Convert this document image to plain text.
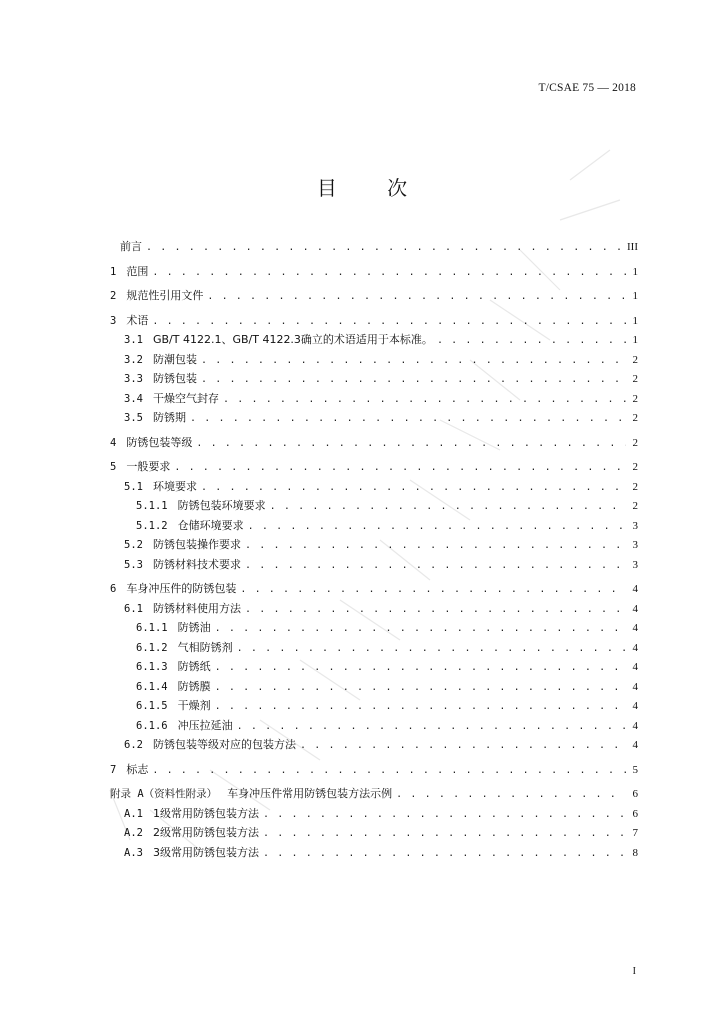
T/CSAE 75 — 2018
目 次
前言 . . .	III
1 范围 . . .	1
2 规范性引用文件 . . .	1
3 术语 . . .	1
3.1 GB/T 4122.1、GB/T 4122.3确立的术语适用于本标准。 . . .	1
3.2 防潮包装 . . .	2
3.3 防锈包装 . . .	2
3.4 干燥空气封存 . . .	2
3.5 防锈期 . . .	2
4 防锈包装等级 . . .	2
5 一般要求 . . .	2
5.1 环境要求 . . .	2
5.1.1 防锈包装环境要求 . . .	2
5.1.2 仓储环境要求 . . .	3
5.2 防锈包装操作要求 . . .	3
5.3 防锈材料技术要求 . . .	3
6 车身冲压件的防锈包装 . . .	4
6.1 防锈材料使用方法 . . .	4
6.1.1 防锈油 . . .	4
6.1.2 气相防锈剂 . . .	4
6.1.3 防锈纸 . . .	4
6.1.4 防锈膜 . . .	4
6.1.5 干燥剂 . . .	4
6.1.6 冲压拉延油 . . .	4
6.2 防锈包装等级对应的包装方法 . . .	4
7 标志 . . .	5
附录 A（资料性附录） 车身冲压件常用防锈包装方法示例 . . .	6
A.1 1级常用防锈包装方法 . . .	6
A.2 2级常用防锈包装方法 . . .	7
A.3 3级常用防锈包装方法 . . .	8
I
